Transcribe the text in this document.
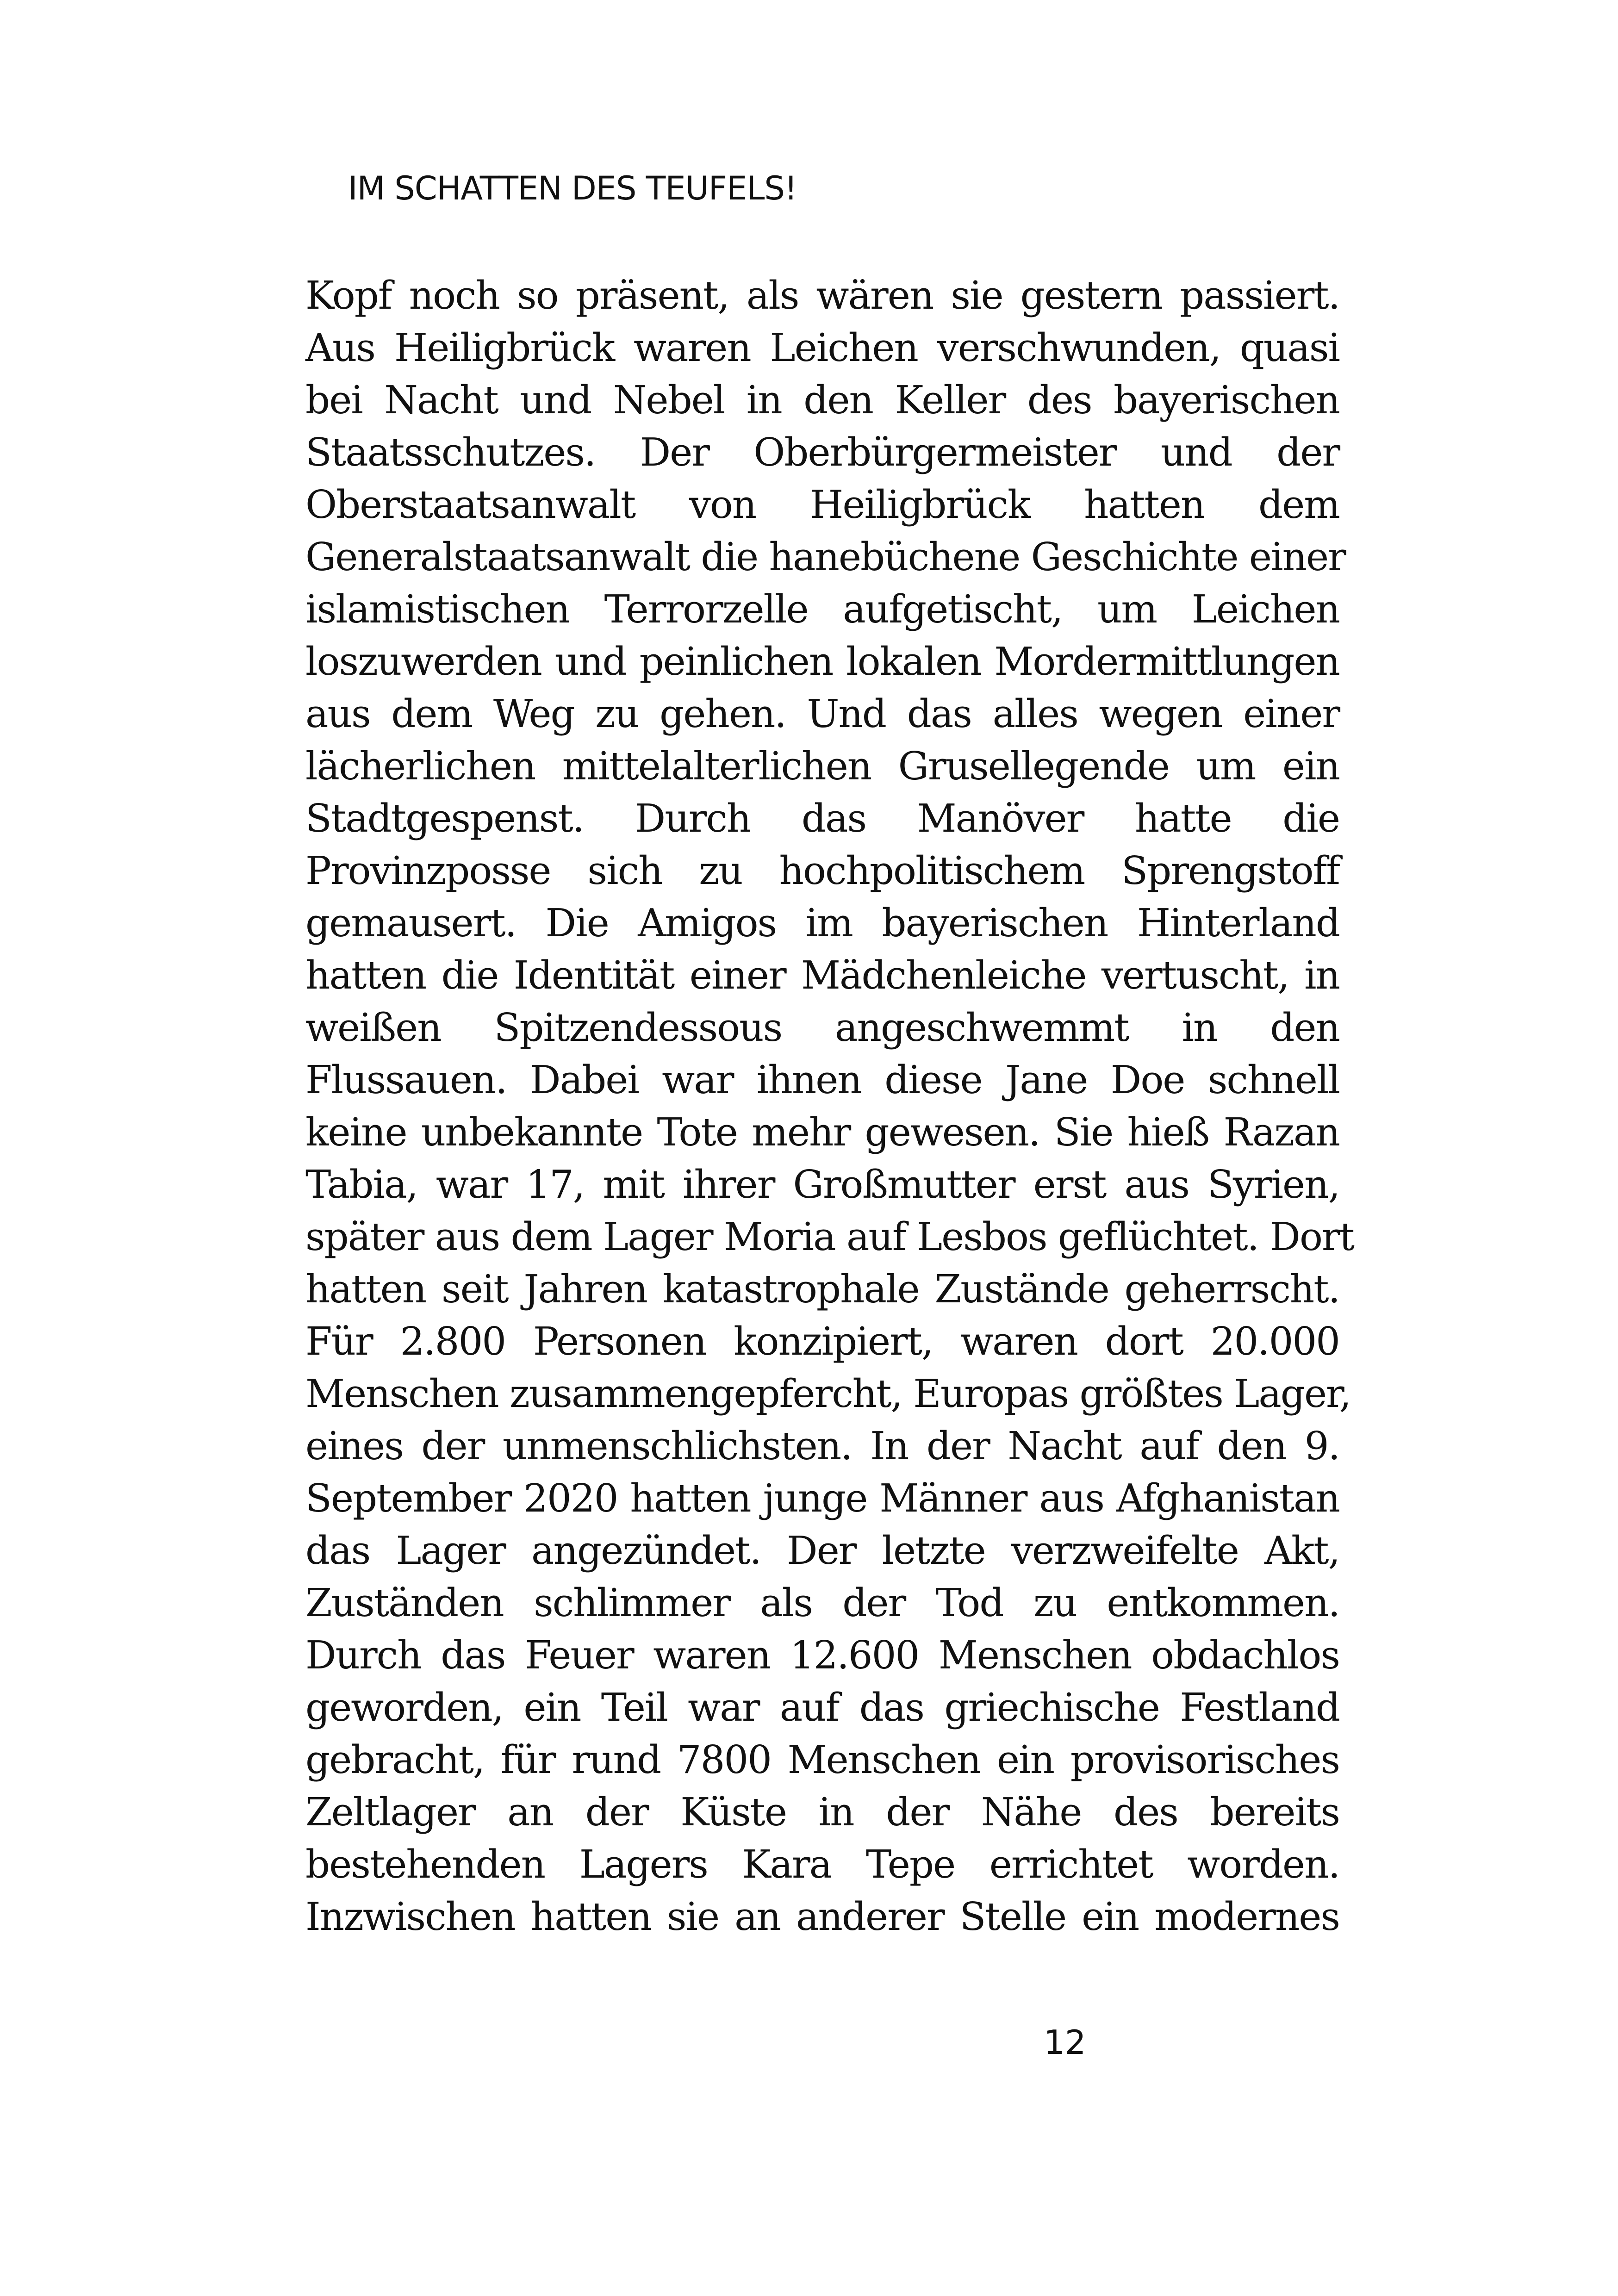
IM SCHATTEN DES TEUFELS!
Kopf noch so präsent, als wären sie gestern passiert.
Aus Heiligbrück waren Leichen verschwunden, quasi
bei Nacht und Nebel in den Keller des bayerischen
Staatsschutzes. Der Oberbürgermeister und der
Oberstaatsanwalt von Heiligbrück hatten dem
Generalstaatsanwalt die hanebüchene Geschichte einer
islamistischen Terrorzelle aufgetischt, um Leichen
loszuwerden und peinlichen lokalen Mordermittlungen
aus dem Weg zu gehen. Und das alles wegen einer
lächerlichen mittelalterlichen Grusellegende um ein
Stadtgespenst. Durch das Manöver hatte die
Provinzposse sich zu hochpolitischem Sprengstoff
gemausert. Die Amigos im bayerischen Hinterland
hatten die Identität einer Mädchenleiche vertuscht, in
weißen Spitzendessous angeschwemmt in den
Flussauen. Dabei war ihnen diese Jane Doe schnell
keine unbekannte Tote mehr gewesen. Sie hieß Razan
Tabia, war 17, mit ihrer Großmutter erst aus Syrien,
später aus dem Lager Moria auf Lesbos geflüchtet. Dort
hatten seit Jahren katastrophale Zustände geherrscht.
Für 2.800 Personen konzipiert, waren dort 20.000
Menschen zusammengepfercht, Europas größtes Lager,
eines der unmenschlichsten. In der Nacht auf den 9.
September 2020 hatten junge Männer aus Afghanistan
das Lager angezündet. Der letzte verzweifelte Akt,
Zuständen schlimmer als der Tod zu entkommen.
Durch das Feuer waren 12.600 Menschen obdachlos
geworden, ein Teil war auf das griechische Festland
gebracht, für rund 7800 Menschen ein provisorisches
Zeltlager an der Küste in der Nähe des bereits
bestehenden Lagers Kara Tepe errichtet worden.
Inzwischen hatten sie an anderer Stelle ein modernes
12
